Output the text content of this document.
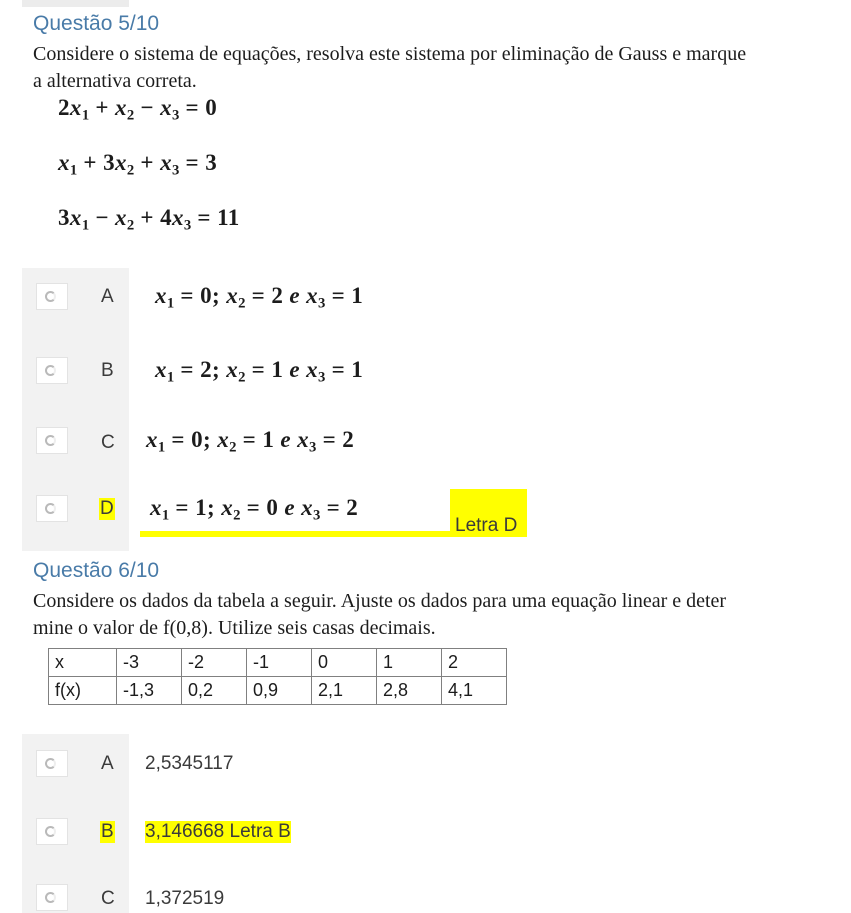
Questão 5/10
Considere o sistema de equações, resolva este sistema por eliminação de Gauss e marque a alternativa correta.
$2x_1 + x_2 - x_3 = 0$
$x_1 + 3x_2 + x_3 = 3$
$3x_1 - x_2 + 4x_3 = 11$
A $x_1 = 0$; $x_2 = 2$ e $x_3 = 1$
B $x_1 = 2$; $x_2 = 1$ e $x_3 = 1$
C $x_1 = 0$; $x_2 = 1$ e $x_3 = 2$
D $x_1 = 1$; $x_2 = 0$ e $x_3 = 2$
Letra D
Questão 6/10
Considere os dados da tabela a seguir. Ajuste os dados para uma equação linear e deter
mine o valor de f(0,8). Utilize seis casas decimais.
x	-3	-2	-1	0	1	2
f(x)	-1,3	0,2	0,9	2,1	2,8	4,1
A 2,5345117
B 3,146668 Letra B
C 1,372519
